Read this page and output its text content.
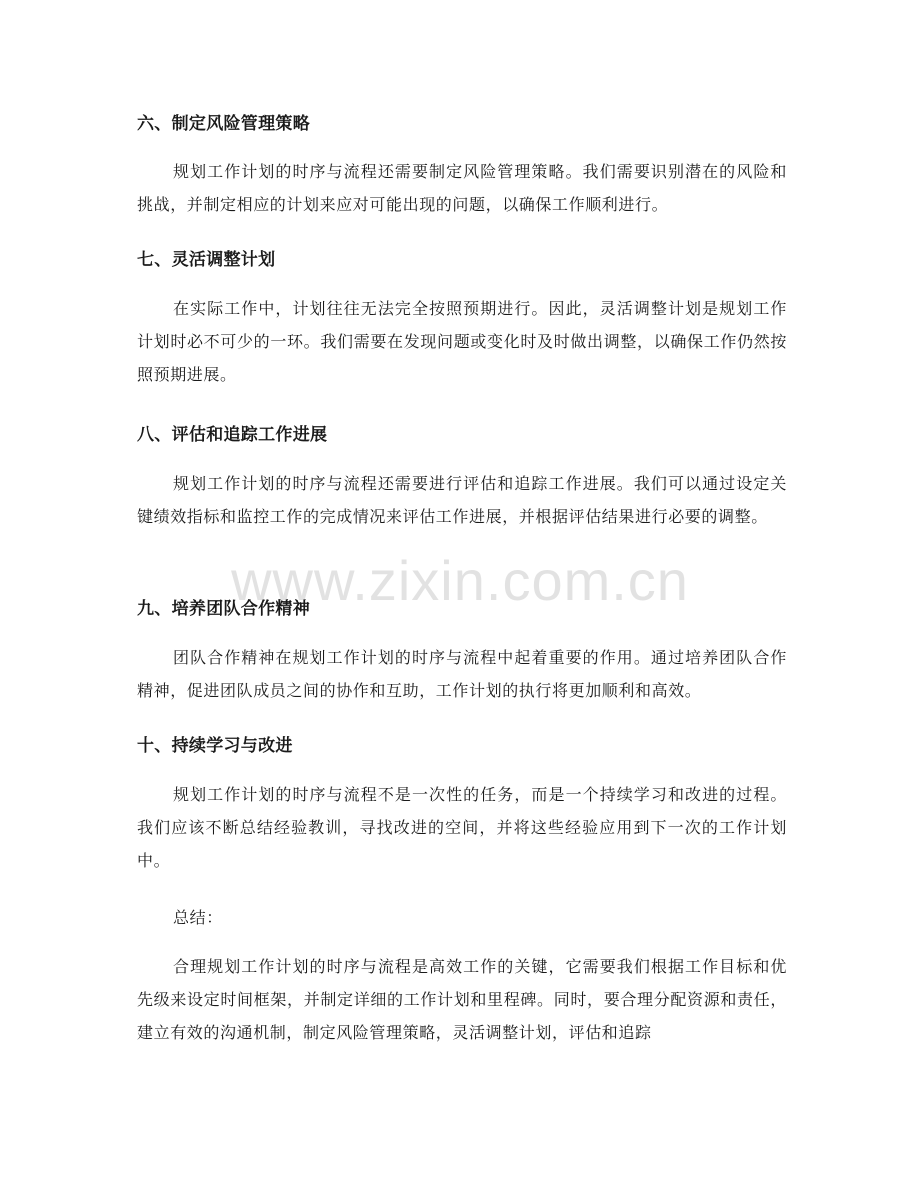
六、制定风险管理策略
规划工作计划的时序与流程还需要制定风险管理策略。我们需要识别潜在的风险和挑战，并制定相应的计划来应对可能出现的问题，以确保工作顺利进行。
七、灵活调整计划
在实际工作中，计划往往无法完全按照预期进行。因此，灵活调整计划是规划工作计划时必不可少的一环。我们需要在发现问题或变化时及时做出调整，以确保工作仍然按照预期进展。
八、评估和追踪工作进展
规划工作计划的时序与流程还需要进行评估和追踪工作进展。我们可以通过设定关键绩效指标和监控工作的完成情况来评估工作进展，并根据评估结果进行必要的调整。
九、培养团队合作精神
团队合作精神在规划工作计划的时序与流程中起着重要的作用。通过培养团队合作精神，促进团队成员之间的协作和互助，工作计划的执行将更加顺利和高效。
十、持续学习与改进
规划工作计划的时序与流程不是一次性的任务，而是一个持续学习和改进的过程。我们应该不断总结经验教训，寻找改进的空间，并将这些经验应用到下一次的工作计划中。
总结：
合理规划工作计划的时序与流程是高效工作的关键，它需要我们根据工作目标和优先级来设定时间框架，并制定详细的工作计划和里程碑。同时，要合理分配资源和责任，建立有效的沟通机制，制定风险管理策略，灵活调整计划，评估和追踪
www.zixin.com.cn
